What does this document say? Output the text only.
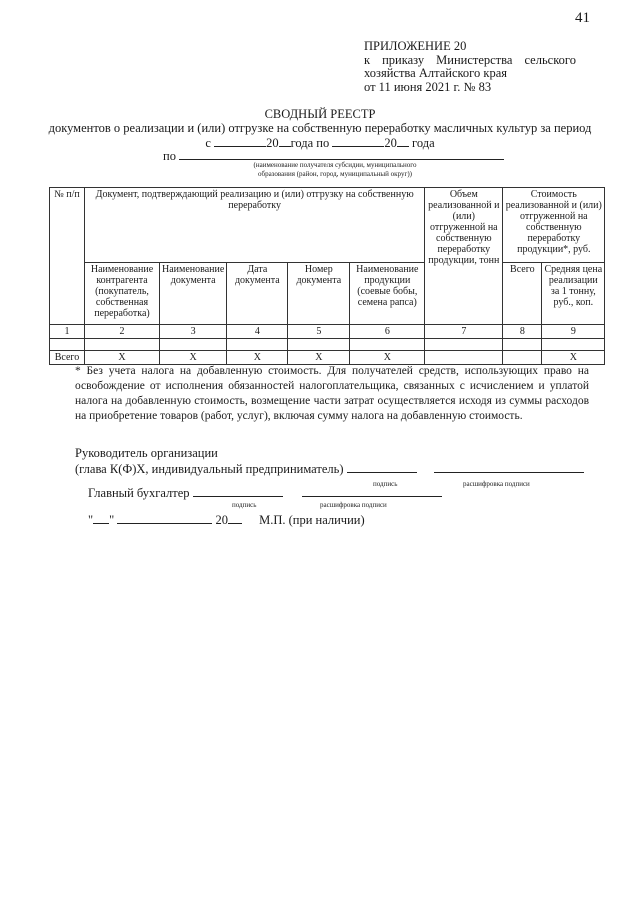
41
ПРИЛОЖЕНИЕ 20
к приказу Министерства сельского
хозяйства Алтайского края
от 11 июня 2021 г. № 83
СВОДНЫЙ РЕЕСТР
документов о реализации и (или) отгрузке на собственную переработку масличных культур за период
с	20 года по	20 года
по
(наименование получателя субсидии, муниципального
образования (район, город, муниципальный округ))
№ п/п	Документ, подтверждающий реализацию и (или) отгрузку на собственную переработку					Объем реализованной и (или) отгруженной на собственную переработку продукции, тонн	Стоимость реализованной и (или) отгруженной на собственную переработку продукции*, руб.	
	Наименование контрагента (покупатель, собственная переработка)	Наименование документа	Дата документа	Номер документа	Наименование продукции (соевые бобы, семена рапса)		Всего	Средняя цена реализации за 1 тонну, руб., коп.
1	2	3	4	5	6	7	8	9

Всего	Х	Х	Х	Х	Х			Х
* Без учета налога на добавленную стоимость. Для получателей средств, использующих право на освобождение от исполнения обязанностей налогоплательщика, связанных с исчислением и уплатой налога на добавленную стоимость, возмещение части затрат осуществляется исходя из суммы расходов на приобретение товаров (работ, услуг), включая сумму налога на добавленную стоимость.
Руководитель организации
(глава К(Ф)Х, индивидуальный предприниматель)
подпись	расшифровка подписи
Главный бухгалтер
подпись	расшифровка подписи
" "	20 М.П. (при наличии)
